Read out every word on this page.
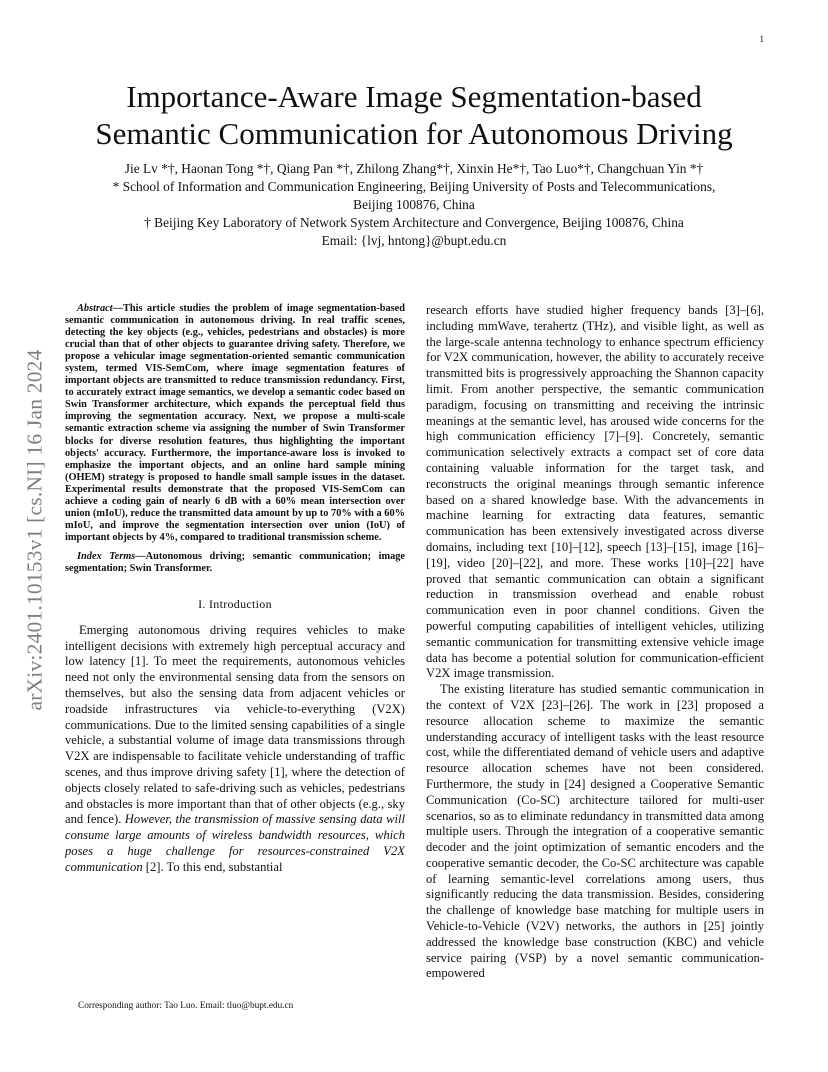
1
arXiv:2401.10153v1 [cs.NI] 16 Jan 2024
Importance-Aware Image Segmentation-based
Semantic Communication for Autonomous Driving
Jie Lv *†, Haonan Tong *†, Qiang Pan *†, Zhilong Zhang*†, Xinxin He*†, Tao Luo*†, Changchuan Yin *†
* School of Information and Communication Engineering, Beijing University of Posts and Telecommunications,
Beijing 100876, China
† Beijing Key Laboratory of Network System Architecture and Convergence, Beijing 100876, China
Email: {lvj, hntong}@bupt.edu.cn

Abstract—This article studies the problem of image segmentation-based semantic communication in autonomous driving. In real traffic scenes, detecting the key objects (e.g., vehicles, pedestrians and obstacles) is more crucial than that of other objects to guarantee driving safety. Therefore, we propose a vehicular image segmentation-oriented semantic communication system, termed VIS-SemCom, where image segmentation features of important objects are transmitted to reduce transmission redundancy. First, to accurately extract image semantics, we develop a semantic codec based on Swin Transformer architecture, which expands the perceptual field thus improving the segmentation accuracy. Next, we propose a multi-scale semantic extraction scheme via assigning the number of Swin Transformer blocks for diverse resolution features, thus highlighting the important objects' accuracy. Furthermore, the importance-aware loss is invoked to emphasize the important objects, and an online hard sample mining (OHEM) strategy is proposed to handle small sample issues in the dataset. Experimental results demonstrate that the proposed VIS-SemCom can achieve a coding gain of nearly 6 dB with a 60% mean intersection over union (mIoU), reduce the transmitted data amount by up to 70% with a 60% mIoU, and improve the segmentation intersection over union (IoU) of important objects by 4%, compared to traditional transmission scheme.

Index Terms—Autonomous driving; semantic communication; image segmentation; Swin Transformer.

I. Introduction

Emerging autonomous driving requires vehicles to make intelligent decisions with extremely high perceptual accuracy and low latency [1]. To meet the requirements, autonomous vehicles need not only the environmental sensing data from the sensors on themselves, but also the sensing data from adjacent vehicles or roadside infrastructures via vehicle-to-everything (V2X) communications. Due to the limited sensing capabilities of a single vehicle, a substantial volume of image data transmissions through V2X are indispensable to facilitate vehicle understanding of traffic scenes, and thus improve driving safety [1], where the detection of objects closely related to safe-driving such as vehicles, pedestrians and obstacles is more important than that of other objects (e.g., sky and fence). However, the transmission of massive sensing data will consume large amounts of wireless bandwidth resources, which poses a huge challenge for resources-constrained V2X communication [2]. To this end, substantial

research efforts have studied higher frequency bands [3]–[6], including mmWave, terahertz (THz), and visible light, as well as the large-scale antenna technology to enhance spectrum efficiency for V2X communication, however, the ability to accurately receive transmitted bits is progressively approaching the Shannon capacity limit. From another perspective, the semantic communication paradigm, focusing on transmitting and receiving the intrinsic meanings at the semantic level, has aroused wide concerns for the high communication efficiency [7]–[9]. Concretely, semantic communication selectively extracts a compact set of core data containing valuable information for the target task, and reconstructs the original meanings through semantic inference based on a shared knowledge base. With the advancements in machine learning for extracting data features, semantic communication has been extensively investigated across diverse domains, including text [10]–[12], speech [13]–[15], image [16]–[19], video [20]–[22], and more. These works [10]–[22] have proved that semantic communication can obtain a significant reduction in transmission overhead and enable robust communication even in poor channel conditions. Given the powerful computing capabilities of intelligent vehicles, utilizing semantic communication for transmitting extensive vehicle image data has become a potential solution for communication-efficient V2X image transmission.

The existing literature has studied semantic communication in the context of V2X [23]–[26]. The work in [23] proposed a resource allocation scheme to maximize the semantic understanding accuracy of intelligent tasks with the least resource cost, while the differentiated demand of vehicle users and adaptive resource allocation schemes have not been considered. Furthermore, the study in [24] designed a Cooperative Semantic Communication (Co-SC) architecture tailored for multi-user scenarios, so as to eliminate redundancy in transmitted data among multiple users. Through the integration of a cooperative semantic decoder and the joint optimization of semantic encoders and the cooperative semantic decoder, the Co-SC architecture was capable of learning semantic-level correlations among users, thus significantly reducing the data transmission. Besides, considering the challenge of knowledge base matching for multiple users in Vehicle-to-Vehicle (V2V) networks, the authors in [25] jointly addressed the knowledge base construction (KBC) and vehicle service pairing (VSP) by a novel semantic communication-empowered

Corresponding author: Tao Luo. Email: tluo@bupt.edu.cn
